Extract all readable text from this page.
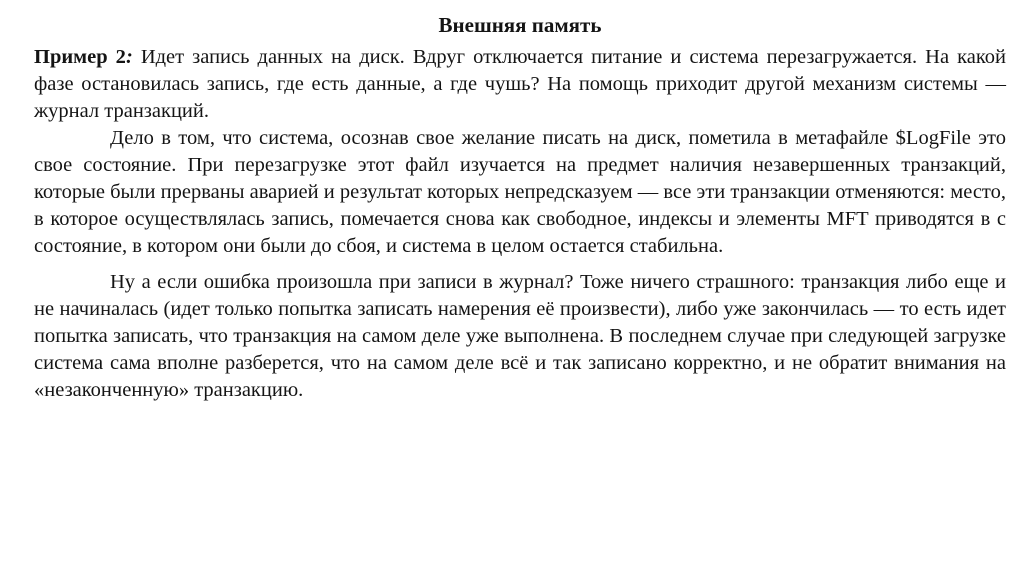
Внешняя память

Пример 2: Идет запись данных на диск. Вдруг отключается питание и система перезагружается. На какой фазе остановилась запись, где есть данные, а где чушь? На помощь приходит другой механизм системы — журнал транзакций.

Дело в том, что система, осознав свое желание писать на диск, пометила в метафайле $LogFile это свое состояние. При перезагрузке этот файл изучается на предмет наличия незавершенных транзакций, которые были прерваны аварией и результат которых непредсказуем — все эти транзакции отменяются: место, в которое осуществлялась запись, помечается снова как свободное, индексы и элементы MFT приводятся в с состояние, в котором они были до сбоя, и система в целом остается стабильна.

Ну а если ошибка произошла при записи в журнал? Тоже ничего страшного: транзакция либо еще и не начиналась (идет только попытка записать намерения её произвести), либо уже закончилась — то есть идет попытка записать, что транзакция на самом деле уже выполнена. В последнем случае при следующей загрузке система сама вполне разберется, что на самом деле всё и так записано корректно, и не обратит внимания на «незаконченную» транзакцию.
